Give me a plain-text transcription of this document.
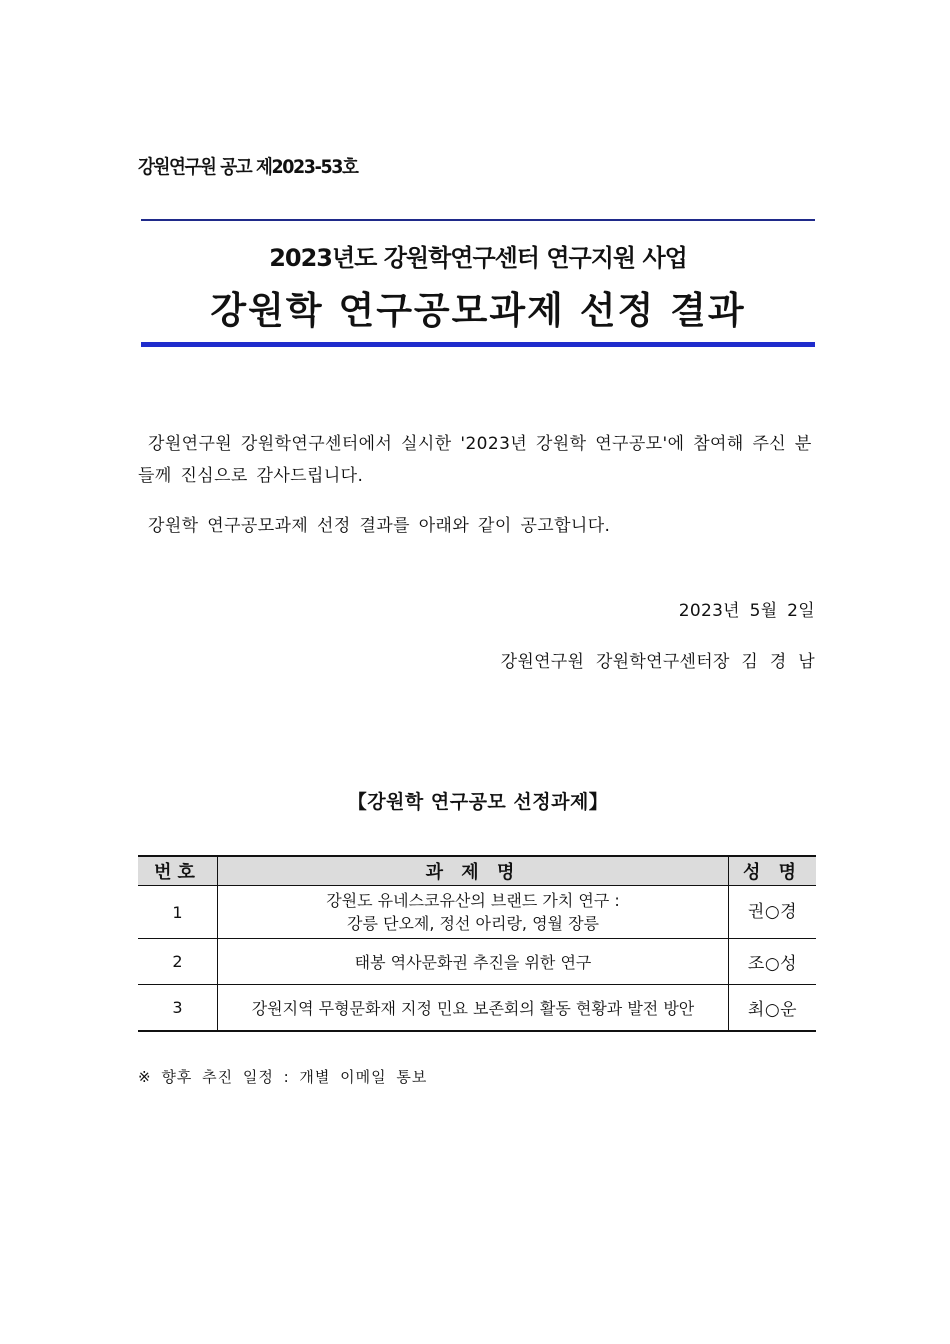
강원연구원 공고 제2023-53호
2023년도 강원학연구센터 연구지원 사업
강원학 연구공모과제 선정 결과
강원연구원 강원학연구센터에서 실시한 '2023년 강원학 연구공모'에 참여해 주신 분들께 진심으로 감사드립니다.
강원학 연구공모과제 선정 결과를 아래와 같이 공고합니다.
2023년 5월 2일
강원연구원 강원학연구센터장 김 경 남
【강원학 연구공모 선정과제】
번호	과 제 명	성 명
1	강원도 유네스코유산의 브랜드 가치 연구 :
강릉 단오제, 정선 아리랑, 영월 장릉	권○경
2	태봉 역사문화권 추진을 위한 연구	조○성
3	강원지역 무형문화재 지정 민요 보존회의 활동 현황과 발전 방안	최○운
※ 향후 추진 일정 : 개별 이메일 통보
